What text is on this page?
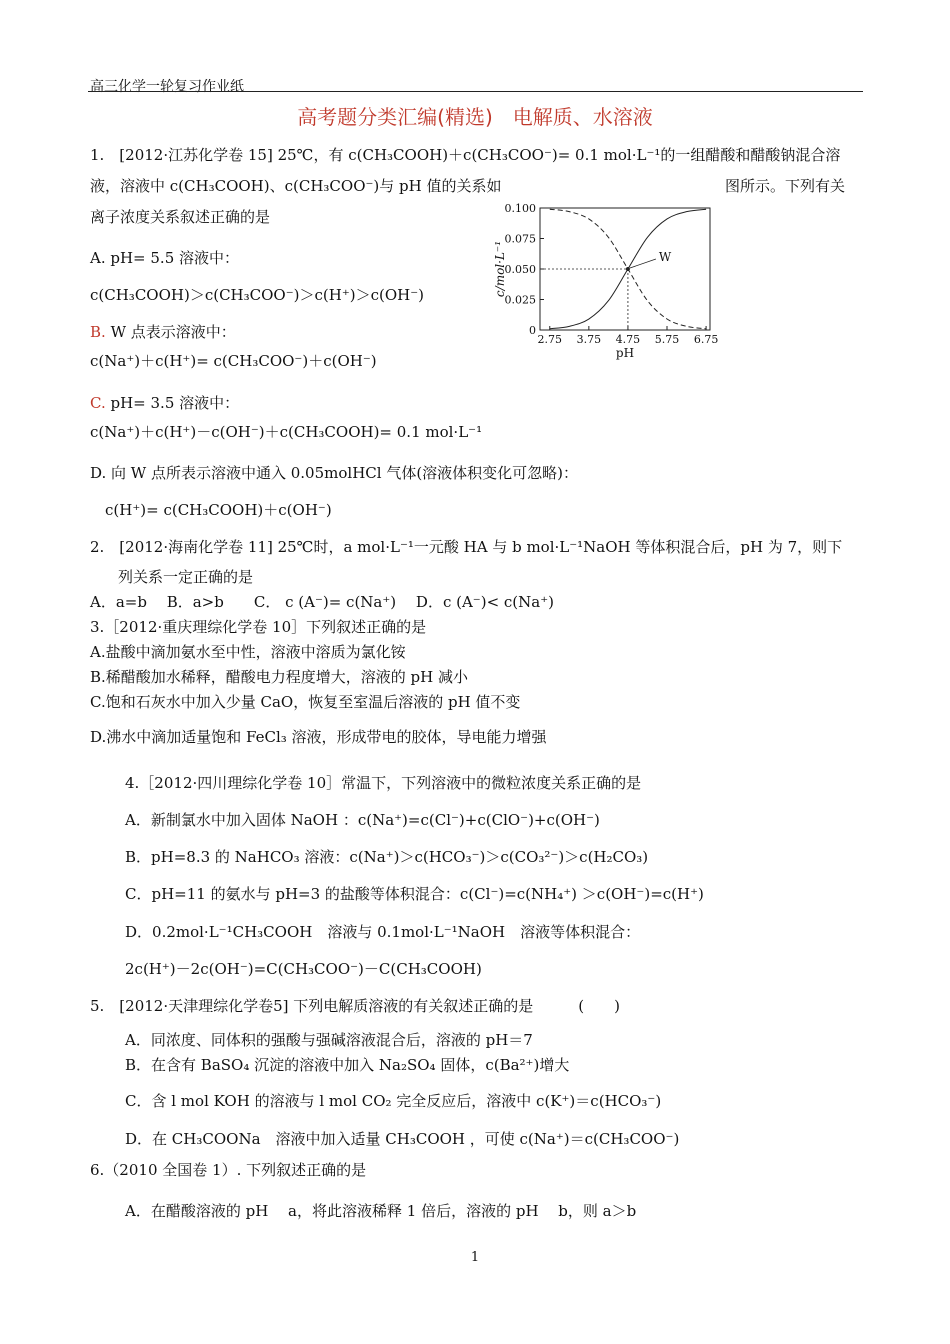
高三化学一轮复习作业纸
高考题分类汇编(精选)　电解质、水溶液
1.　[2012·江苏化学卷 15] 25℃，有 c(CH₃COOH)＋c(CH₃COO⁻)= 0.1 mol·L⁻¹的一组醋酸和醋酸钠混合溶
液，溶液中 c(CH₃COOH)、c(CH₃COO⁻)与 pH 值的关系如	图所示。下列有关
离子浓度关系叙述正确的是
A. pH= 5.5 溶液中：
c(CH₃COOH)＞c(CH₃COO⁻)＞c(H⁺)＞c(OH⁻)
B. W 点表示溶液中：
c(Na⁺)＋c(H⁺)= c(CH₃COO⁻)＋c(OH⁻)
C. pH= 3.5 溶液中：
c(Na⁺)＋c(H⁺)－c(OH⁻)＋c(CH₃COOH)= 0.1 mol·L⁻¹
D. 向 W 点所表示溶液中通入 0.05molHCl 气体(溶液体积变化可忽略)：
c(H⁺)= c(CH₃COOH)＋c(OH⁻)
0
0.025
0.050
0.075
0.100
2.75 3.75 4.75 5.75 6.75
pH
c/mol·L⁻¹	W
2.　[2012·海南化学卷 11] 25℃时，a mol·L⁻¹一元酸 HA 与 b mol·L⁻¹NaOH 等体积混合后，pH 为 7，则下
列关系一定正确的是
A．a=b　 B．a>b　　C． c (A⁻)= c(Na⁺)　 D．c (A⁻)< c(Na⁺)
3.［2012·重庆理综化学卷 10］下列叙述正确的是
A.盐酸中滴加氨水至中性，溶液中溶质为氯化铵
B.稀醋酸加水稀释，醋酸电力程度增大，溶液的 pH 减小
C.饱和石灰水中加入少量 CaO，恢复至室温后溶液的 pH 值不变
D.沸水中滴加适量饱和 FeCl₃ 溶液，形成带电的胶体，导电能力增强
4.［2012·四川理综化学卷 10］常温下，下列溶液中的微粒浓度关系正确的是
A．新制氯水中加入固体 NaOH ：c(Na⁺)=c(Cl⁻)+c(ClO⁻)+c(OH⁻)
B．pH=8.3 的 NaHCO₃ 溶液：c(Na⁺)＞c(HCO₃⁻)＞c(CO₃²⁻)＞c(H₂CO₃)
C．pH=11 的氨水与 pH=3 的盐酸等体积混合：c(Cl⁻)=c(NH₄⁺) ＞c(OH⁻)=c(H⁺)
D．0.2mol·L⁻¹CH₃COOH　溶液与 0.1mol·L⁻¹NaOH　溶液等体积混合：
2c(H⁺)－2c(OH⁻)=C(CH₃COO⁻)－C(CH₃COOH)
5.　[2012·天津理综化学卷5] 下列电解质溶液的有关叙述正确的是　　　(　　)
A．同浓度、同体积的强酸与强碱溶液混合后，溶液的 pH＝7
B．在含有 BaSO₄ 沉淀的溶液中加入 Na₂SO₄ 固体，c(Ba²⁺)增大
C．含 l mol KOH 的溶液与 l mol CO₂ 完全反应后，溶液中 c(K⁺)＝c(HCO₃⁻)
D．在 CH₃COONa　溶液中加入适量 CH₃COOH ，可使 c(Na⁺)＝c(CH₃COO⁻)
6.（2010 全国卷 1）. 下列叙述正确的是
A．在醋酸溶液的 pH　 a，将此溶液稀释 1 倍后，溶液的 pH　 b，则 a＞b
1
